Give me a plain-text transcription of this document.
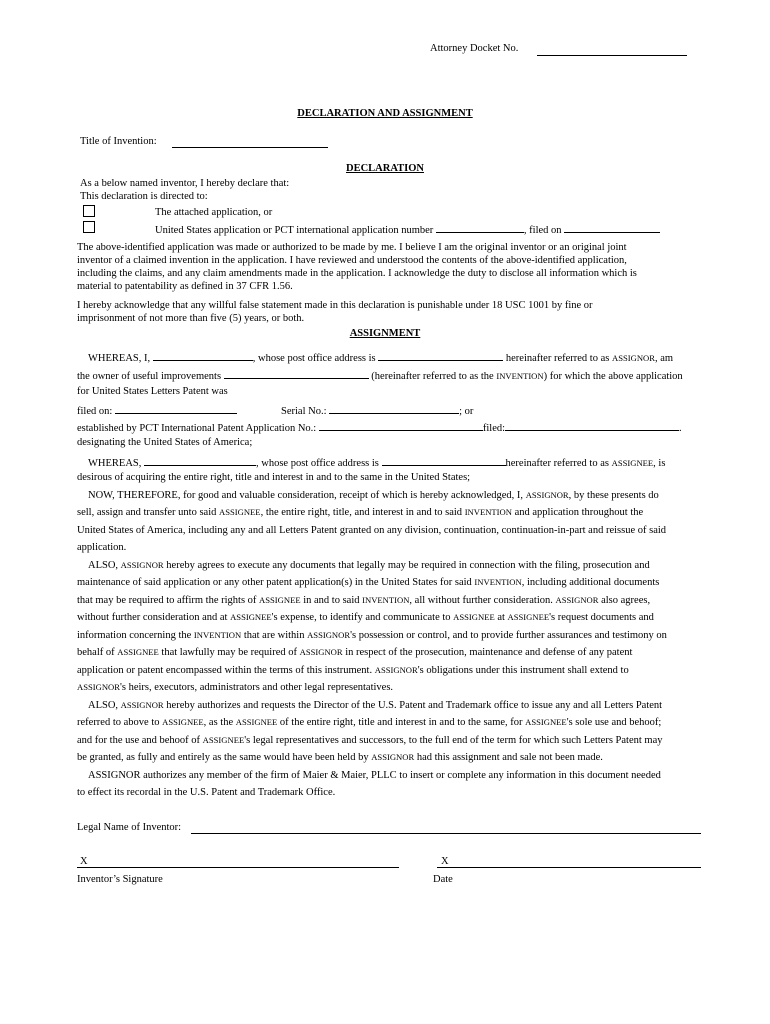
Attorney Docket No.
DECLARATION AND ASSIGNMENT
Title of Invention:
DECLARATION
As a below named inventor, I hereby declare that:
This declaration is directed to:
The attached application, or
United States application or PCT international application number	, filed on
The above-identified application was made or authorized to be made by me. I believe I am the original inventor or an original joint
inventor of a claimed invention in the application. I have reviewed and understood the contents of the above-identified application,
including the claims, and any claim amendments made in the application. I acknowledge the duty to disclose all information which is
material to patentability as defined in 37 CFR 1.56.
I hereby acknowledge that any willful false statement made in this declaration is punishable under 18 USC 1001 by fine or
imprisonment of not more than five (5) years, or both.
ASSIGNMENT
WHEREAS, I,	, whose post office address is	hereinafter referred to as ASSIGNOR, am
the owner of useful improvements	(hereinafter referred to as the INVENTION) for which the above application
for United States Letters Patent was
filed on:	Serial No.:	; or
established by PCT International Patent Application No.:	filed:	.
designating the United States of America;
WHEREAS,	, whose post office address is	hereinafter referred to as ASSIGNEE, is
desirous of acquiring the entire right, title and interest in and to the same in the United States;
NOW, THEREFORE, for good and valuable consideration, receipt of which is hereby acknowledged, I, ASSIGNOR, by these presents do
sell, assign and transfer unto said ASSIGNEE, the entire right, title, and interest in and to said INVENTION and application throughout the
United States of America, including any and all Letters Patent granted on any division, continuation, continuation-in-part and reissue of said
application.
ALSO, ASSIGNOR hereby agrees to execute any documents that legally may be required in connection with the filing, prosecution and
maintenance of said application or any other patent application(s) in the United States for said INVENTION, including additional documents
that may be required to affirm the rights of ASSIGNEE in and to said INVENTION, all without further consideration. ASSIGNOR also agrees,
without further consideration and at ASSIGNEE's expense, to identify and communicate to ASSIGNEE at ASSIGNEE's request documents and
information concerning the INVENTION that are within ASSIGNOR's possession or control, and to provide further assurances and testimony on
behalf of ASSIGNEE that lawfully may be required of ASSIGNOR in respect of the prosecution, maintenance and defense of any patent
application or patent encompassed within the terms of this instrument. ASSIGNOR's obligations under this instrument shall extend to
ASSIGNOR's heirs, executors, administrators and other legal representatives.
ALSO, ASSIGNOR hereby authorizes and requests the Director of the U.S. Patent and Trademark office to issue any and all Letters Patent
referred to above to ASSIGNEE, as the ASSIGNEE of the entire right, title and interest in and to the same, for ASSIGNEE's sole use and behoof;
and for the use and behoof of ASSIGNEE's legal representatives and successors, to the full end of the term for which such Letters Patent may
be granted, as fully and entirely as the same would have been held by ASSIGNOR had this assignment and sale not been made.
ASSIGNOR authorizes any member of the firm of Maier & Maier, PLLC to insert or complete any information in this document needed
to effect its recordal in the U.S. Patent and Trademark Office.
Legal Name of Inventor:
X	X
Inventor’s Signature	Date
